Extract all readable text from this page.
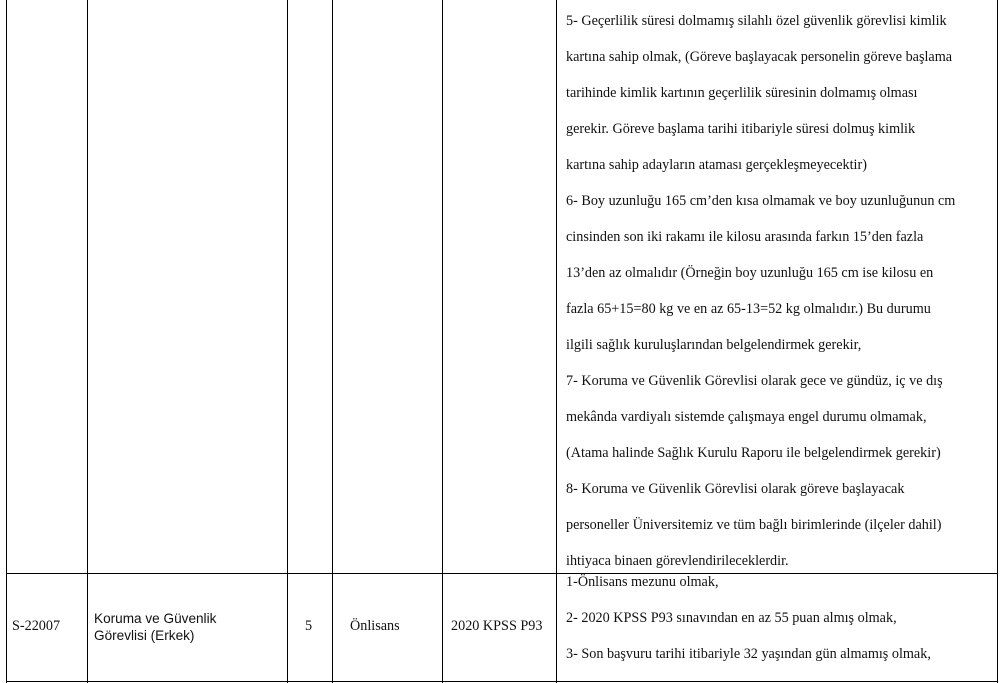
5- Geçerlilik süresi dolmamış silahlı özel güvenlik görevlisi kimlik
kartına sahip olmak, (Göreve başlayacak personelin göreve başlama
tarihinde kimlik kartının geçerlilik süresinin dolmamış olması
gerekir. Göreve başlama tarihi itibariyle süresi dolmuş kimlik
kartına sahip adayların ataması gerçekleşmeyecektir)
6- Boy uzunluğu 165 cm’den kısa olmamak ve boy uzunluğunun cm
cinsinden son iki rakamı ile kilosu arasında farkın 15’den fazla
13’den az olmalıdır (Örneğin boy uzunluğu 165 cm ise kilosu en
fazla 65+15=80 kg ve en az 65-13=52 kg olmalıdır.) Bu durumu
ilgili sağlık kuruluşlarından belgelendirmek gerekir,
7- Koruma ve Güvenlik Görevlisi olarak gece ve gündüz, iç ve dış
mekânda vardiyalı sistemde çalışmaya engel durumu olmamak,
(Atama halinde Sağlık Kurulu Raporu ile belgelendirmek gerekir)
8- Koruma ve Güvenlik Görevlisi olarak göreve başlayacak
personeller Üniversitemiz ve tüm bağlı birimlerinde (ilçeler dahil)
ihtiyaca binaen görevlendirileceklerdir.
S-22007 Koruma ve Güvenlik
Görevlisi (Erkek)
5	Önlisans	2020 KPSS P93
1-Önlisans mezunu olmak,
2- 2020 KPSS P93 sınavından en az 55 puan almış olmak,
3- Son başvuru tarihi itibariyle 32 yaşından gün almamış olmak,
